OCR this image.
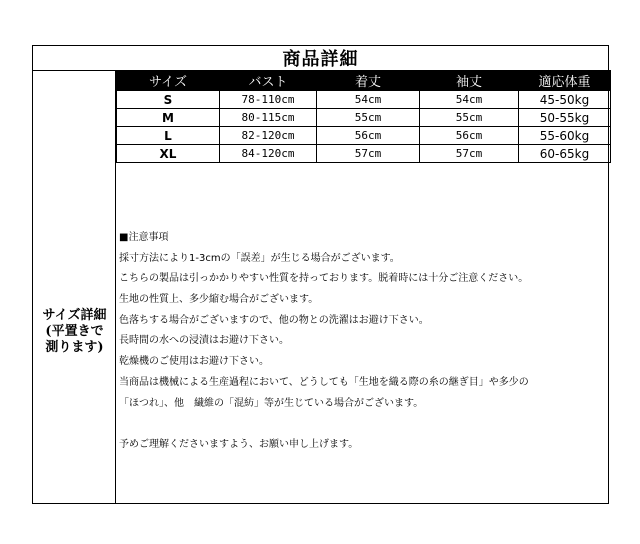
商品詳細
サイズ詳細
(平置きで
測ります)
サイズ	バスト	着丈	袖丈	適応体重
S	78-110cm	54cm	54cm	45-50kg
M	80-115cm	55cm	55cm	50-55kg
L	82-120cm	56cm	56cm	55-60kg
XL	84-120cm	57cm	57cm	60-65kg
■注意事項
採寸方法により1-3cmの「誤差」が生じる場合がございます。
こちらの製品は引っかかりやすい性質を持っております。脱着時には十分ご注意ください。
生地の性質上、多少縮む場合がございます。
色落ちする場合がございますので、他の物との洗濯はお避け下さい。
長時間の水への浸漬はお避け下さい。
乾燥機のご使用はお避け下さい。
当商品は機械による生産過程において、どうしても「生地を織る際の糸の継ぎ目」や多少の
「ほつれ」、他　繊維の「混紡」等が生じている場合がございます。
予めご理解くださいますよう、お願い申し上げます。
